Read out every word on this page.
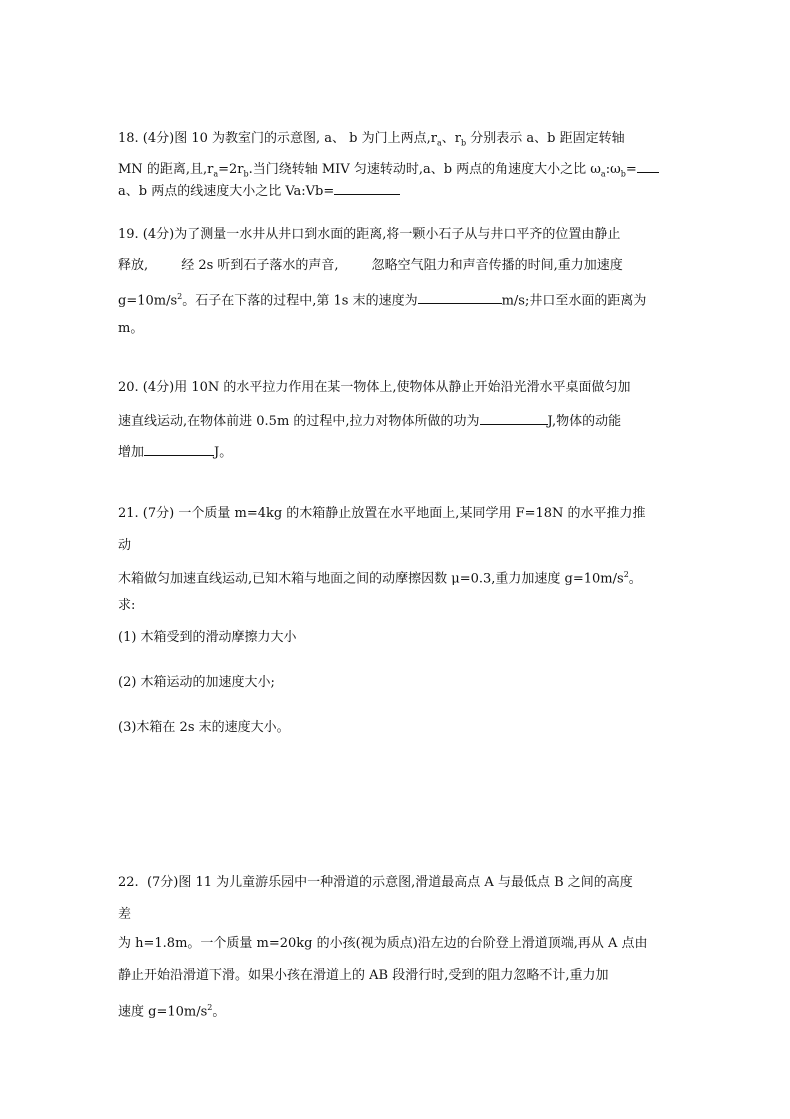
18. (4分)图 10 为教室门的示意图, a、 b 为门上两点$,r_a$、$r_b$ 分别表示 a、b 距固定转轴
MN 的距离,且$,r_a=2r_b$.当门绕转轴 MIV 匀速转动时,a、b 两点的角速度大小之比 $\omega_a:\omega_b=$
a、b 两点的线速度大小之比 Va:Vb=
19. (4分)为了测量一水井从井口到水面的距离,将一颗小石子从与井口平齐的位置由静止
释放,        经 2s 听到石子落水的声音,        忽略空气阻力和声音传播的时间,重力加速度
$g=10m/s^2$。石子在下落的过程中,第 1s 末的速度为	m/s;井口至水面的距离为
m。
20. (4分)用 10N 的水平拉力作用在某一物体上,使物体从静止开始沿光滑水平桌面做匀加
速直线运动,在物体前进 0.5m 的过程中,拉力对物体所做的功为	J,物体的动能
增加	J。
21. (7分) 一个质量 m=4kg 的木箱静止放置在水平地面上,某同学用 F=18N 的水平推力推
动
木箱做匀加速直线运动,已知木箱与地面之间的动摩擦因数 μ=0.3,重力加速度 $g=10m/s^2$。
求:
(1) 木箱受到的滑动摩擦力大小
(2) 木箱运动的加速度大小;
(3)木箱在 2s 末的速度大小。
22.  (7分)图 11 为儿童游乐园中一种滑道的示意图,滑道最高点 A 与最低点 B 之间的高度
差
为 h=1.8m。一个质量 m=20kg 的小孩(视为质点)沿左边的台阶登上滑道顶端,再从 A 点由
静止开始沿滑道下滑。如果小孩在滑道上的 AB 段滑行时,受到的阻力忽略不计,重力加
速度 $g=10m/s^2$。
